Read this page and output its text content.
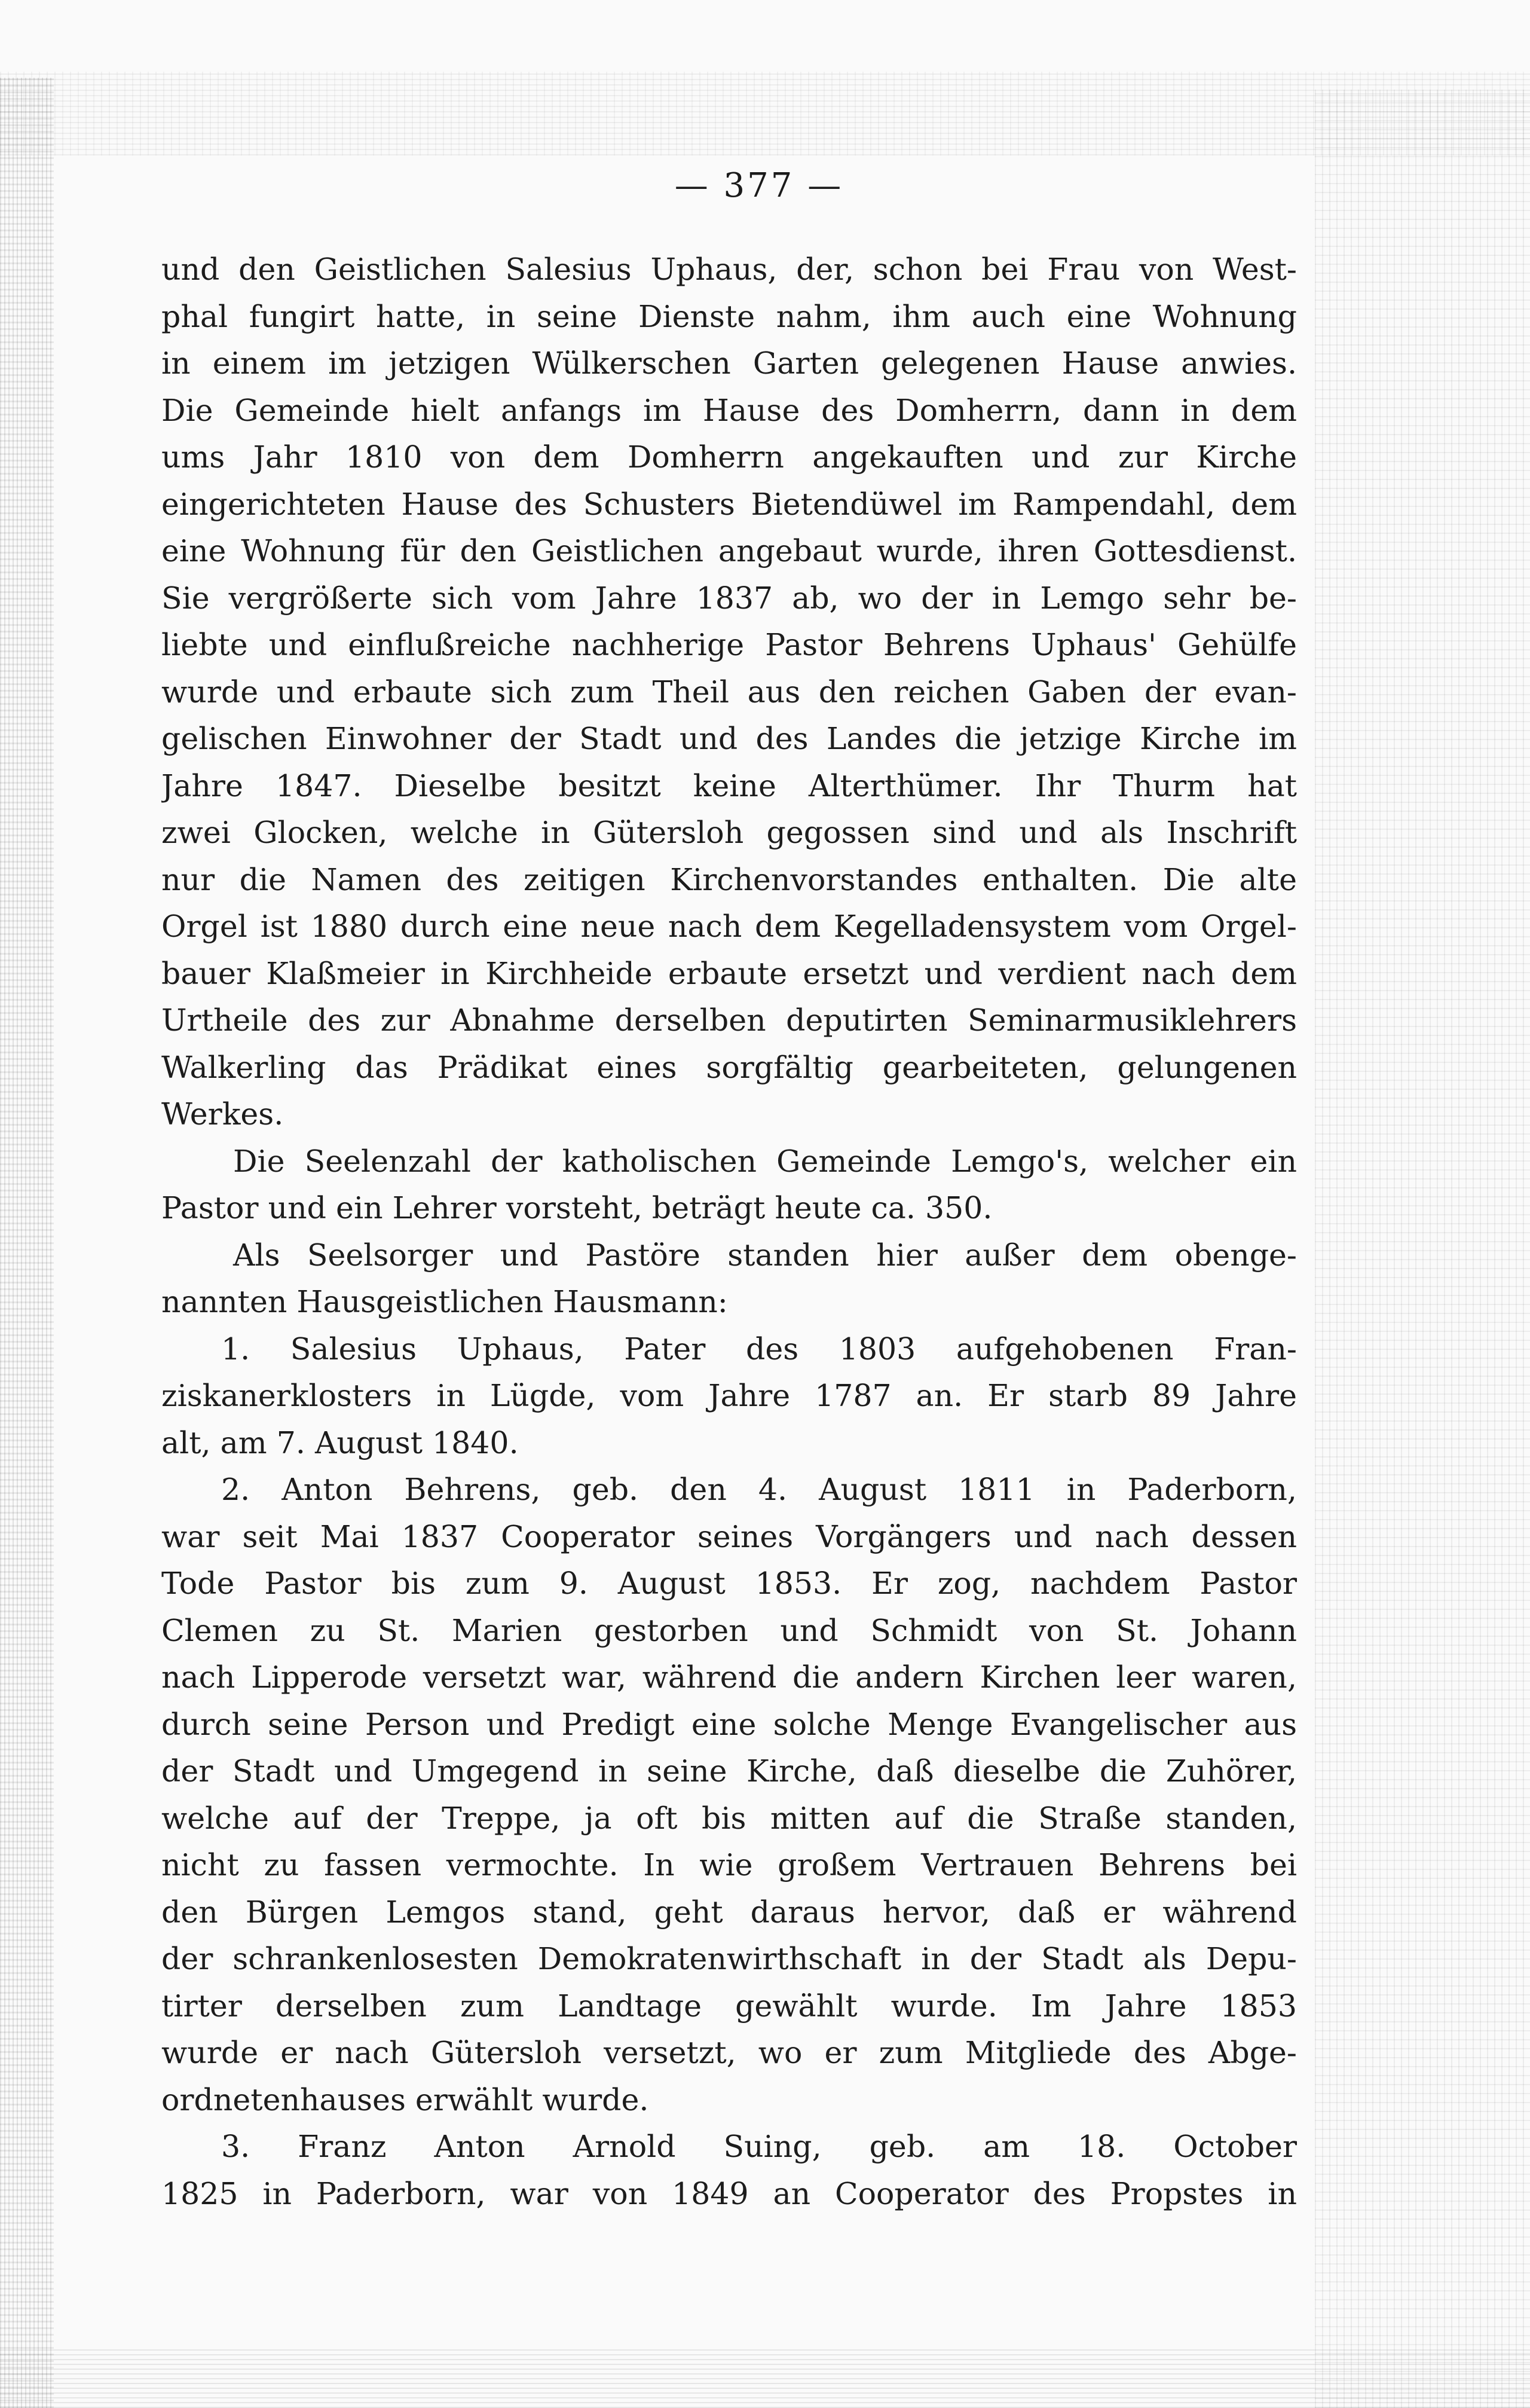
— 377 —
und den Geistlichen Salesius Uphaus, der, schon bei Frau von West-
phal fungirt hatte, in seine Dienste nahm, ihm auch eine Wohnung
in einem im jetzigen Wülkerschen Garten gelegenen Hause anwies.
Die Gemeinde hielt anfangs im Hause des Domherrn, dann in dem
ums Jahr 1810 von dem Domherrn angekauften und zur Kirche
eingerichteten Hause des Schusters Bietendüwel im Rampendahl, dem
eine Wohnung für den Geistlichen angebaut wurde, ihren Gottesdienst.
Sie vergrößerte sich vom Jahre 1837 ab, wo der in Lemgo sehr be-
liebte und einflußreiche nachherige Pastor Behrens Uphaus' Gehülfe
wurde und erbaute sich zum Theil aus den reichen Gaben der evan-
gelischen Einwohner der Stadt und des Landes die jetzige Kirche im
Jahre 1847. Dieselbe besitzt keine Alterthümer. Ihr Thurm hat
zwei Glocken, welche in Gütersloh gegossen sind und als Inschrift
nur die Namen des zeitigen Kirchenvorstandes enthalten. Die alte
Orgel ist 1880 durch eine neue nach dem Kegelladensystem vom Orgel-
bauer Klaßmeier in Kirchheide erbaute ersetzt und verdient nach dem
Urtheile des zur Abnahme derselben deputirten Seminarmusiklehrers
Walkerling das Prädikat eines sorgfältig gearbeiteten, gelungenen
Werkes.
Die Seelenzahl der katholischen Gemeinde Lemgo's, welcher ein
Pastor und ein Lehrer vorsteht, beträgt heute ca. 350.
Als Seelsorger und Pastöre standen hier außer dem obenge-
nannten Hausgeistlichen Hausmann:
1. Salesius Uphaus, Pater des 1803 aufgehobenen Fran-
ziskanerklosters in Lügde, vom Jahre 1787 an. Er starb 89 Jahre
alt, am 7. August 1840.
2. Anton Behrens, geb. den 4. August 1811 in Paderborn,
war seit Mai 1837 Cooperator seines Vorgängers und nach dessen
Tode Pastor bis zum 9. August 1853. Er zog, nachdem Pastor
Clemen zu St. Marien gestorben und Schmidt von St. Johann
nach Lipperode versetzt war, während die andern Kirchen leer waren,
durch seine Person und Predigt eine solche Menge Evangelischer aus
der Stadt und Umgegend in seine Kirche, daß dieselbe die Zuhörer,
welche auf der Treppe, ja oft bis mitten auf die Straße standen,
nicht zu fassen vermochte. In wie großem Vertrauen Behrens bei
den Bürgen Lemgos stand, geht daraus hervor, daß er während
der schrankenlosesten Demokratenwirthschaft in der Stadt als Depu-
tirter derselben zum Landtage gewählt wurde. Im Jahre 1853
wurde er nach Gütersloh versetzt, wo er zum Mitgliede des Abge-
ordnetenhauses erwählt wurde.
3. Franz Anton Arnold Suing, geb. am 18. October
1825 in Paderborn, war von 1849 an Cooperator des Propstes in
